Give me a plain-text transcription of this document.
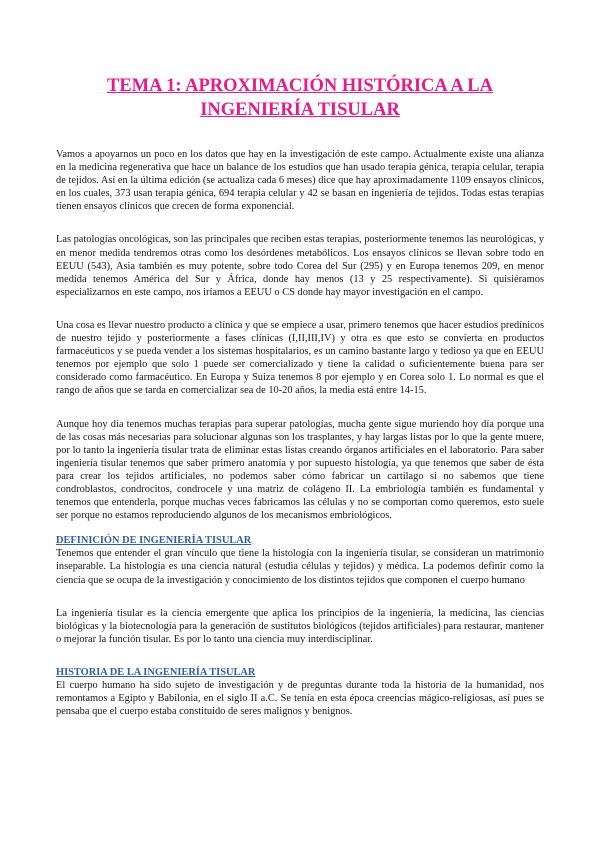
TEMA 1: APROXIMACIÓN HISTÓRICA A LA INGENIERÍA TISULAR

Vamos a apoyarnos un poco en los datos que hay en la investigación de este campo. Actualmente existe una alianza en la medicina regenerativa que hace un balance de los estudios que han usado terapia génica, terapia celular, terapia de tejidos. Así en la última edición (se actualiza cada 6 meses) dice que hay aproximadamente 1109 ensayos clínicos, en los cuales, 373 usan terapia génica, 694 terapia celular y 42 se basan en ingeniería de tejidos. Todas estas terapias tienen ensayos clínicos que crecen de forma exponencial.

Las patologías oncológicas, son las principales que reciben estas terapias, posteriormente tenemos las neurológicas, y en menor medida tendremos otras como los desórdenes metabólicos. Los ensayos clínicos se llevan sobre todo en EEUU (543), Asia también es muy potente, sobre todo Corea del Sur (295) y en Europa tenemos 209, en menor medida tenemos América del Sur y África, donde hay menos (13 y 25 respectivamente). Si quisiéramos especializarnos en este campo, nos iríamos a EEUU o CS donde hay mayor investigación en el campo.

Una cosa es llevar nuestro producto a clínica y que se empiece a usar, primero tenemos que hacer estudios predínicos de nuestro tejido y posteriormente a fases clínicas (I,II,III,IV) y otra es que esto se convierta en productos farmacéuticos y se pueda vender a los sistemas hospitalarios, es un camino bastante largo y tedioso ya que en EEUU tenemos por ejemplo que solo 1 puede ser comercializado y tiene la calidad o suficientemente buena para ser considerado como farmacéutico. En Europa y Suiza tenemos 8 por ejemplo y en Corea solo 1. Lo normal es que el rango de años que se tarda en comercializar sea de 10-20 años, la media está entre 14-15.

Aunque hoy día tenemos muchas terapias para superar patologías, mucha gente sigue muriendo hoy día porque una de las cosas más necesarias para solucionar algunas son los trasplantes, y hay largas listas por lo que la gente muere, por lo tanto la ingeniería tisular trata de eliminar estas listas creando órganos artificiales en el laboratorio. Para saber ingeniería tisular tenemos que saber primero anatomía y por supuesto histología, ya que tenemos que saber de ésta para crear los tejidos artificiales, no podemos saber cómo fabricar un cartílago si no sabemos que tiene condroblastos, condrocitos, condrocele y una matriz de colágeno II. La embriología también es fundamental y tenemos que entenderla, porque muchas veces fabricamos las células y no se comportan como queremos, esto suele ser porque no estamos reproduciendo algunos de los mecanismos embriológicos.

DEFINICIÓN DE INGENIERÍA TISULAR

Tenemos que entender el gran vínculo que tiene la histología con la ingeniería tisular, se consideran un matrimonio inseparable. La histología es una ciencia natural (estudia células y tejidos) y médica. La podemos definir como la ciencia que se ocupa de la investigación y conocimiento de los distintos tejidos que componen el cuerpo humano

La ingeniería tisular es la ciencia emergente que aplica los principios de la ingeniería, la medicina, las ciencias biológicas y la biotecnología para la generación de sustitutos biológicos (tejidos artificiales) para restaurar, mantener o mejorar la función tisular. Es por lo tanto una ciencia muy interdisciplinar.

HISTORIA DE LA INGENIERÍA TISULAR

El cuerpo humano ha sido sujeto de investigación y de preguntas durante toda la historia de la humanidad, nos remontamos a Egipto y Babilonia, en el siglo II a.C. Se tenía en esta época creencias mágico-religiosas, así pues se pensaba que el cuerpo estaba constituido de seres malignos y benignos.
